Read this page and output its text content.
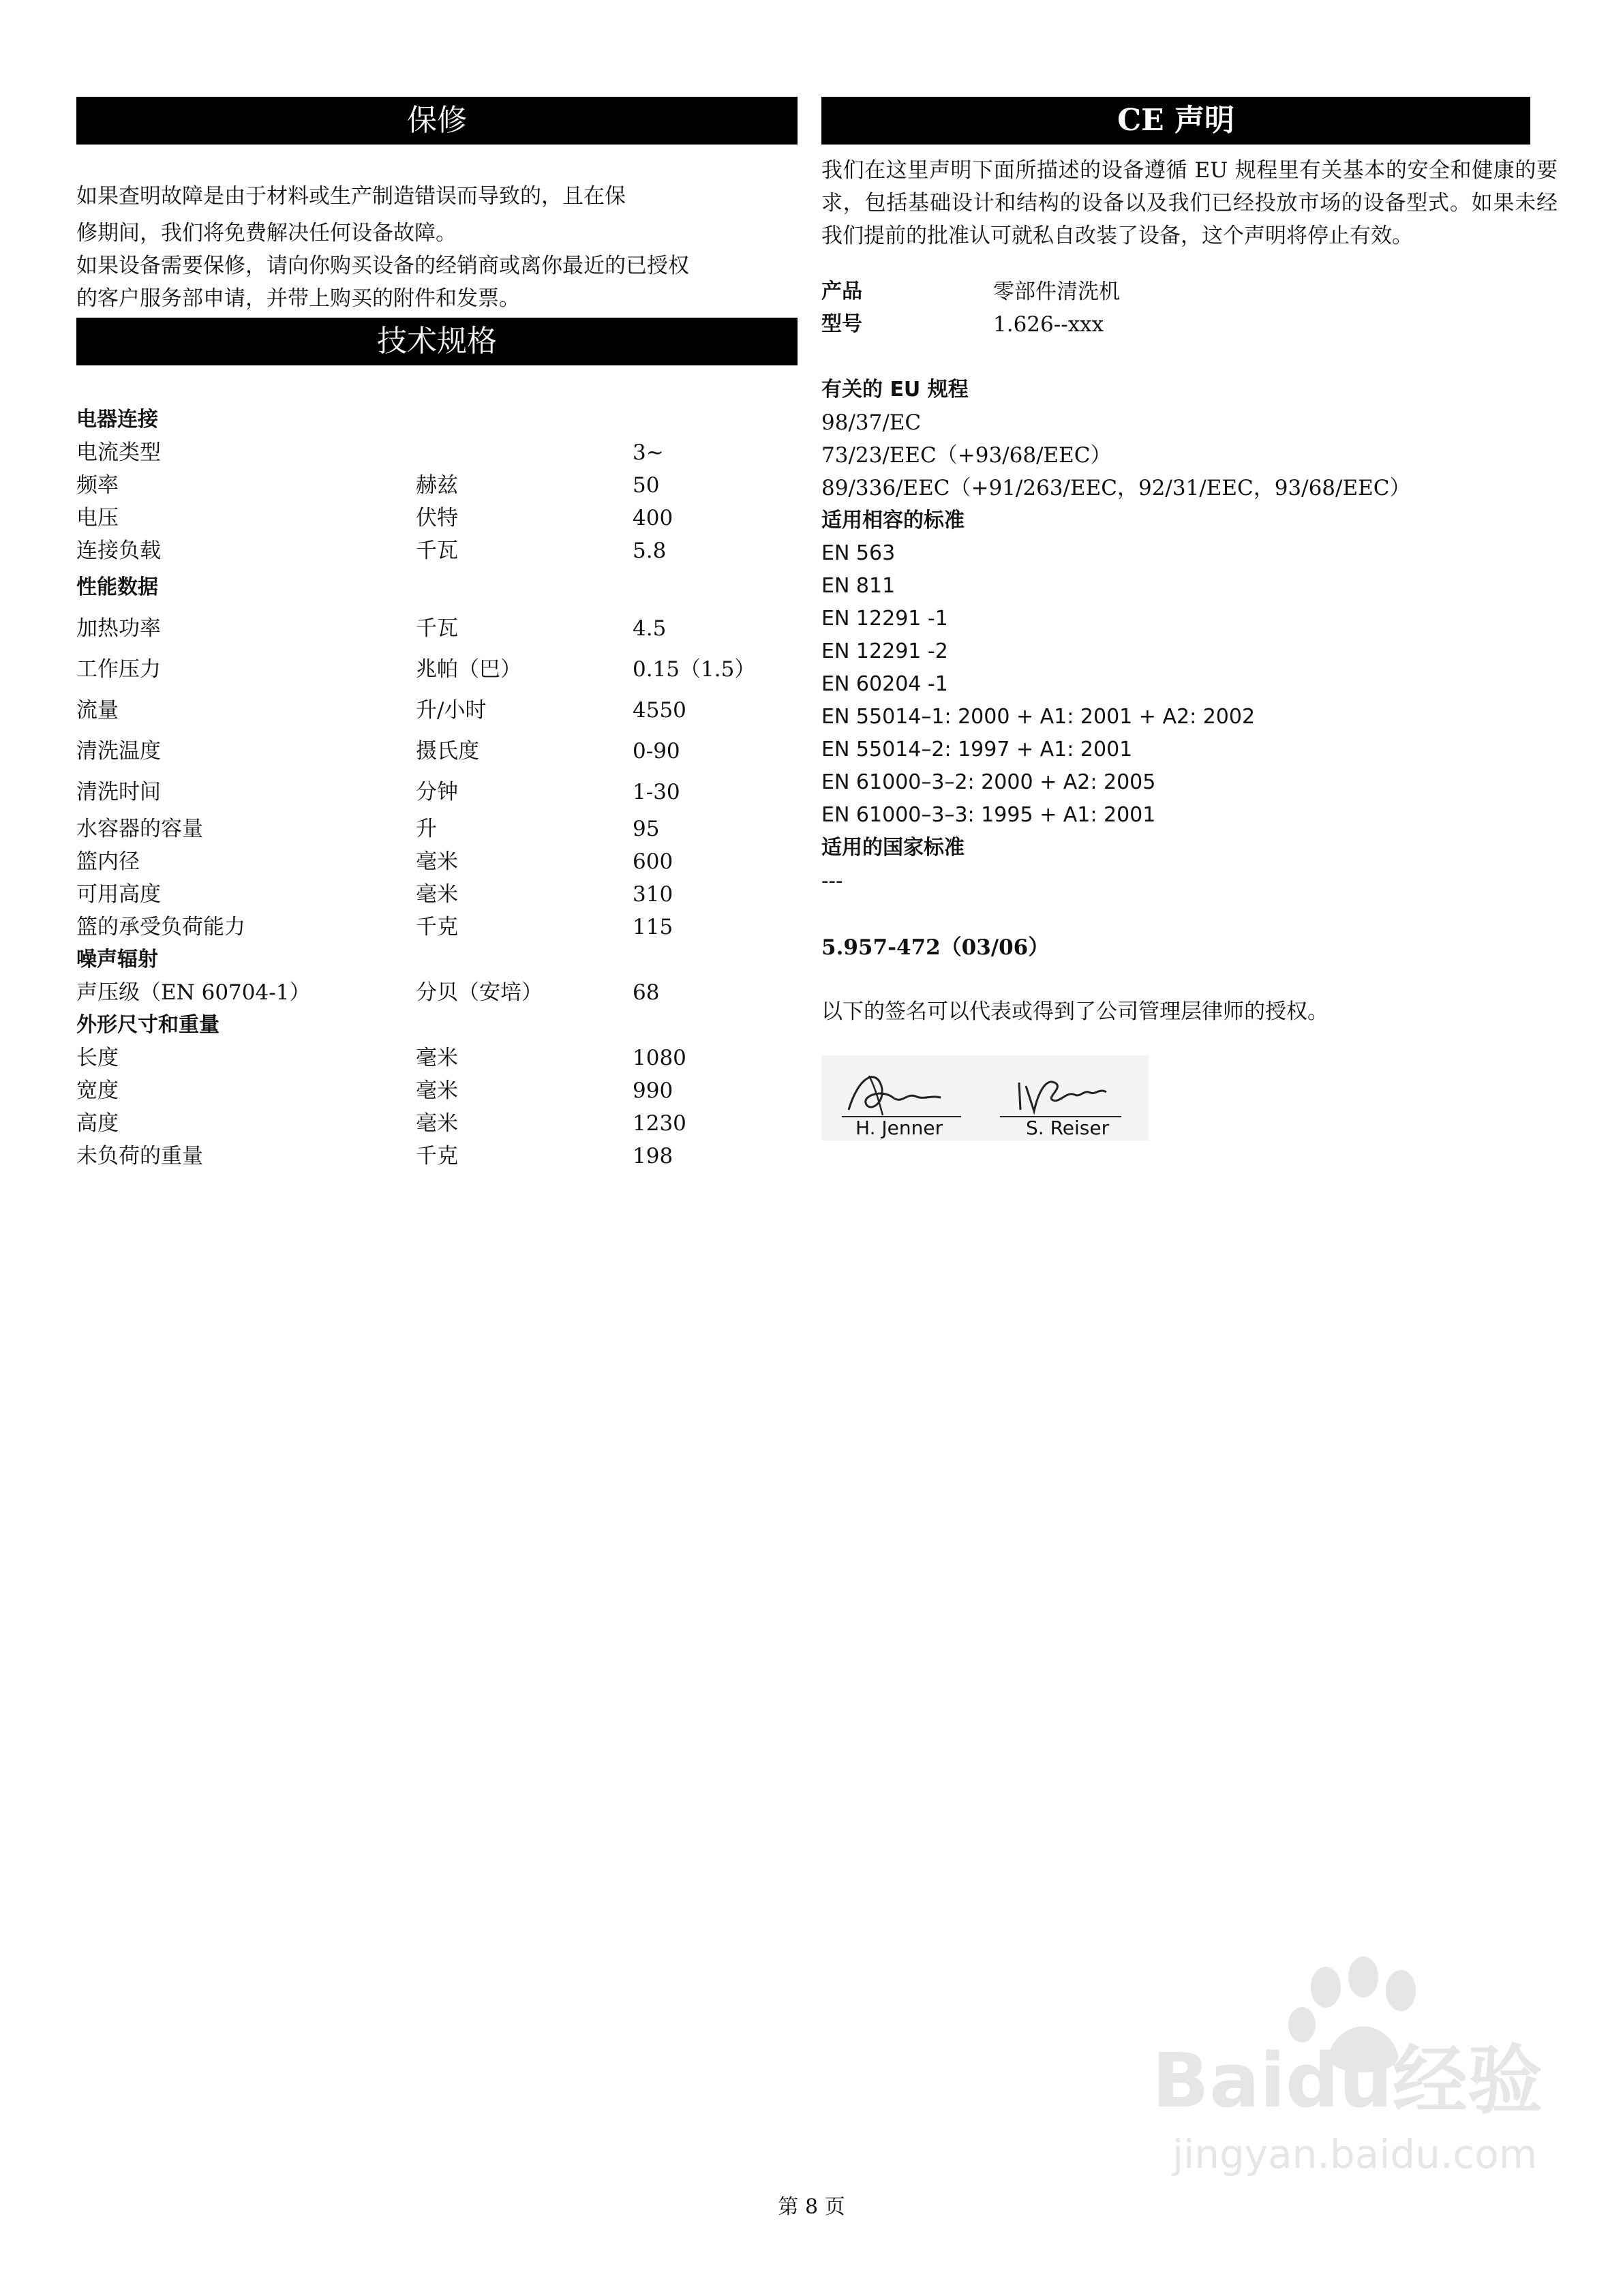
保修

如果查明故障是由于材料或生产制造错误而导致的，且在保
修期间，我们将免费解决任何设备故障。
如果设备需要保修，请向你购买设备的经销商或离你最近的已授权
的客户服务部申请，并带上购买的附件和发票。

技术规格
电器连接		
电流类型		3~
频率	赫兹	50
电压	伏特	400
连接负载	千瓦	5.8
性能数据		
加热功率	千瓦	4.5
工作压力	兆帕（巴）	0.15（1.5）
流量	升/小时	4550
清洗温度	摄氏度	0-90
清洗时间	分钟	1-30
水容器的容量	升	95
篮内径	毫米	600
可用高度	毫米	310
篮的承受负荷能力	千克	115
噪声辐射		
声压级（EN 60704-1）	分贝（安培）	68
外形尺寸和重量		
长度	毫米	1080
宽度	毫米	990
高度	毫米	1230
未负荷的重量	千克	198
CE 声明

我们在这里声明下面所描述的设备遵循 EU 规程里有关基本的安全和健康的要求，包括基础设计和结构的设备以及我们已经投放市场的设备型式。如果未经我们提前的批准认可就私自改装了设备，这个声明将停止有效。

产品	零部件清洗机
型号	1.626--xxx
有关的 EU 规程
98/37/EC
73/23/EEC（+93/68/EEC）
89/336/EEC（+91/263/EEC，92/31/EEC，93/68/EEC）
适用相容的标准
EN 563
EN 811
EN 12291 -1
EN 12291 -2
EN 60204 -1
EN 55014–1: 2000 + A1: 2001 + A2: 2002
EN 55014–2: 1997 + A1: 2001
EN 61000–3–2: 2000 + A2: 2005
EN 61000–3–3: 1995 + A1: 2001
适用的国家标准
---
5.957-472（03/06）
以下的签名可以代表或得到了公司管理层律师的授权。
H. Jenner	S. Reiser
Baidu经验
jingyan.baidu.com
第 8 页
